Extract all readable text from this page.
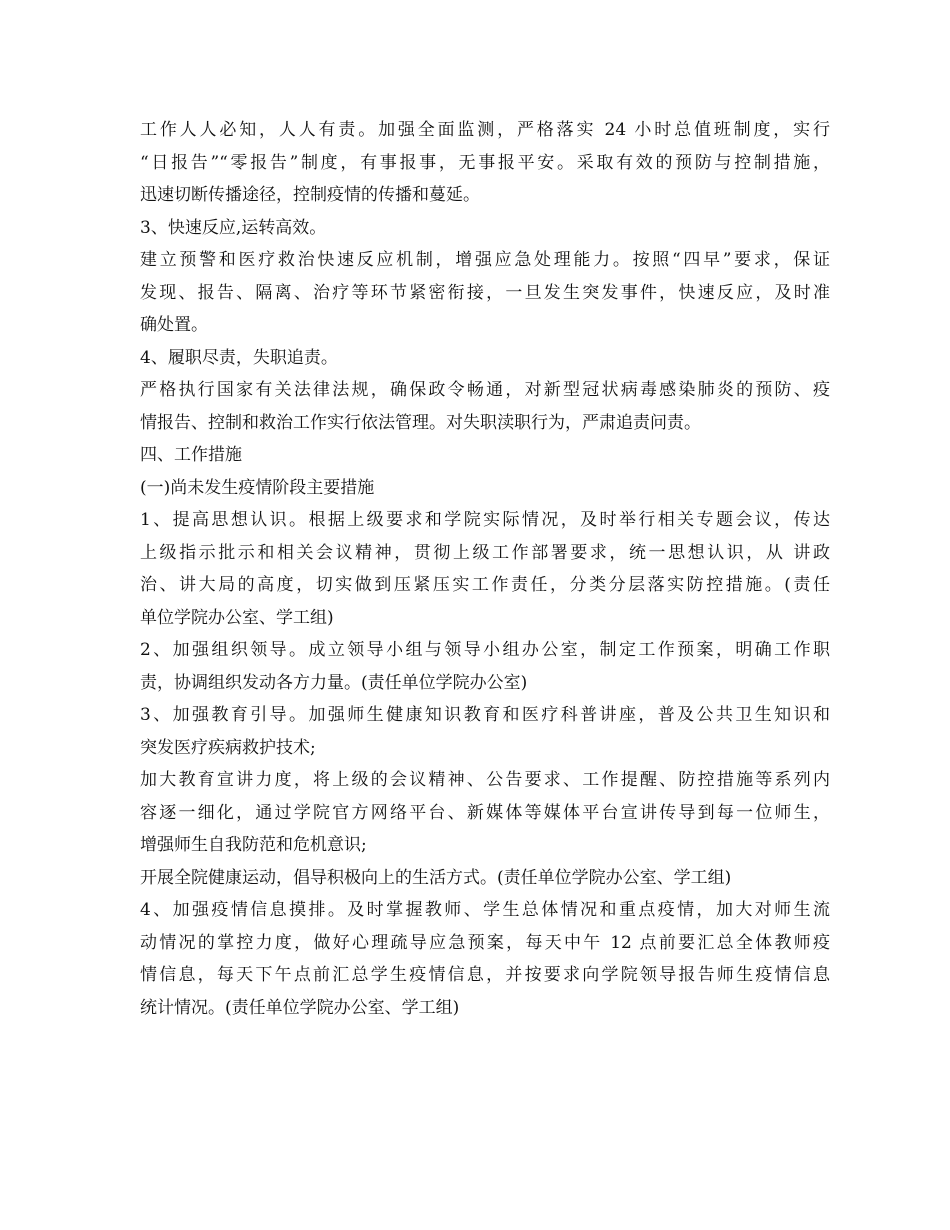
工作人人必知，人人有责。加强全面监测，严格落实 24 小时总值班制度，实行
“日报告”“零报告”制度，有事报事，无事报平安。采取有效的预防与控制措施，
迅速切断传播途径，控制疫情的传播和蔓延。
3、快速反应,运转高效。
建立预警和医疗救治快速反应机制，增强应急处理能力。按照“四早”要求，保证
发现、报告、隔离、治疗等环节紧密衔接，一旦发生突发事件，快速反应，及时准
确处置。
4、履职尽责，失职追责。
严格执行国家有关法律法规，确保政令畅通，对新型冠状病毒感染肺炎的预防、疫
情报告、控制和救治工作实行依法管理。对失职渎职行为，严肃追责问责。
四、工作措施
(一)尚未发生疫情阶段主要措施
1、提高思想认识。根据上级要求和学院实际情况，及时举行相关专题会议，传达
上级指示批示和相关会议精神，贯彻上级工作部署要求，统一思想认识，从 讲政
治、讲大局的高度，切实做到压紧压实工作责任，分类分层落实防控措施。(责任
单位学院办公室、学工组)
2、加强组织领导。成立领导小组与领导小组办公室，制定工作预案，明确工作职
责，协调组织发动各方力量。(责任单位学院办公室)
3、加强教育引导。加强师生健康知识教育和医疗科普讲座，普及公共卫生知识和
突发医疗疾病救护技术;
加大教育宣讲力度，将上级的会议精神、公告要求、工作提醒、防控措施等系列内
容逐一细化，通过学院官方网络平台、新媒体等媒体平台宣讲传导到每一位师生，
增强师生自我防范和危机意识;
开展全院健康运动，倡导积极向上的生活方式。(责任单位学院办公室、学工组)
4、加强疫情信息摸排。及时掌握教师、学生总体情况和重点疫情，加大对师生流
动情况的掌控力度，做好心理疏导应急预案，每天中午 12 点前要汇总全体教师疫
情信息，每天下午点前汇总学生疫情信息，并按要求向学院领导报告师生疫情信息
统计情况。(责任单位学院办公室、学工组)
